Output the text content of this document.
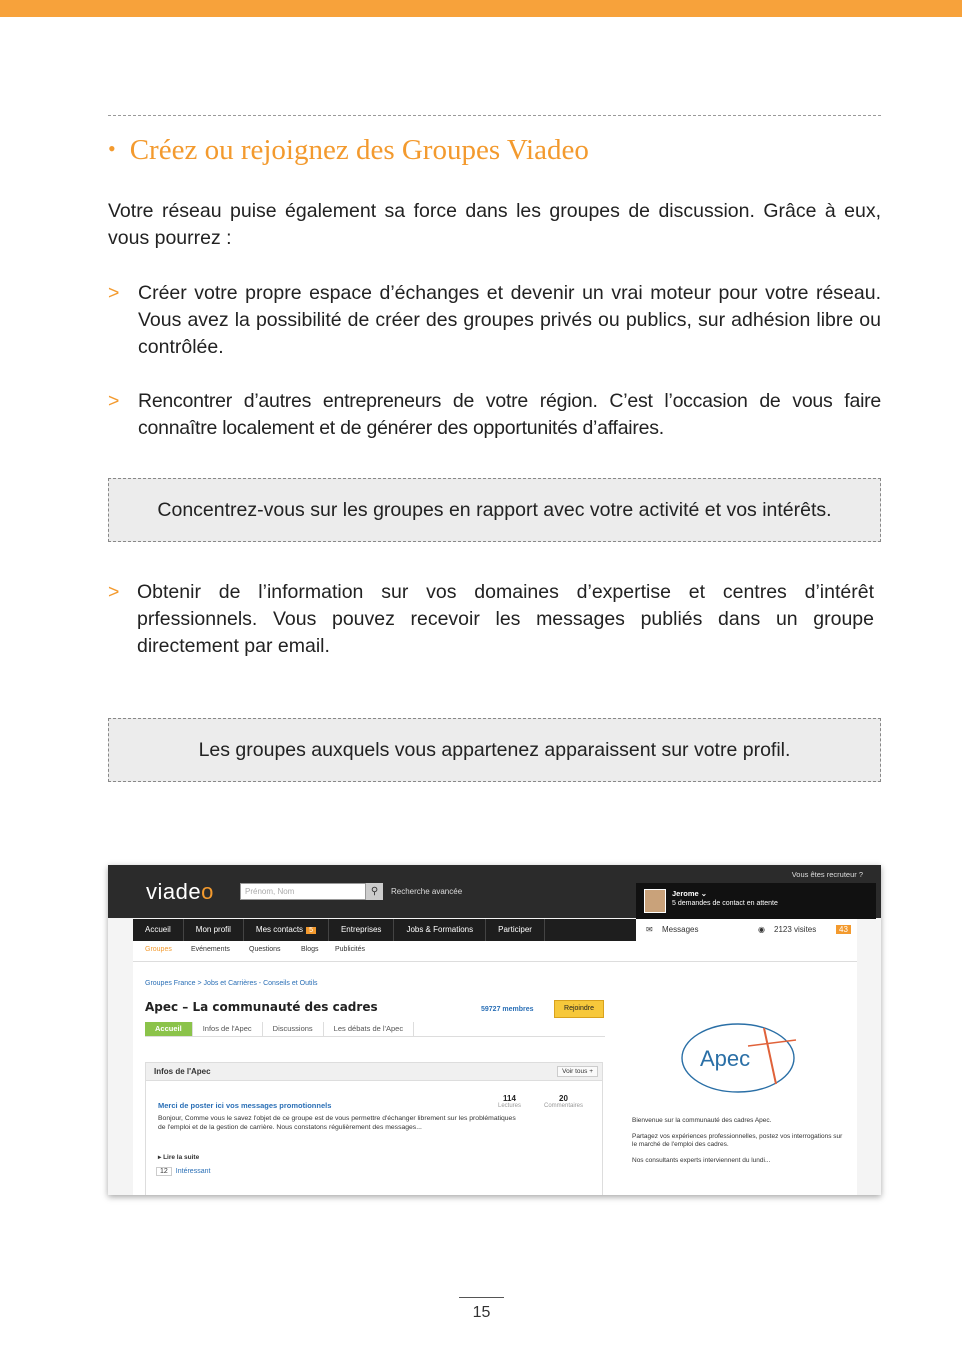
• Créez ou rejoignez des Groupes Viadeo
Votre réseau puise également sa force dans les groupes de discussion. Grâce à eux, vous pourrez :
> Créer votre propre espace d’échanges et devenir un vrai moteur pour votre réseau. Vous avez la possibilité de créer des groupes privés ou publics, sur adhésion libre ou contrôlée.
> Rencontrer d’autres entrepreneurs de votre région. C’est l’occasion de vous faire connaître localement et de générer des opportunités d’affaires.
Concentrez-vous sur les groupes en rapport avec votre activité et vos intérêts.
> Obtenir de l’information sur vos domaines d’expertise et centres d’intérêt prfessionnels. Vous pouvez recevoir les messages publiés dans un groupe directement par email.
Les groupes auxquels vous appartenez apparaissent sur votre profil.
viadeo	Prénom, Nom	⚲	Recherche avancée
Vous êtes recruteur ?
Jerome ⌄
5 demandes de contact en attente
Accueil	Mon profil	Mes contacts 5	Entreprises	Jobs & Formations	Participer	✉ Messages	◉ 2123 visites	43
Groupes	Evénements	Questions	Blogs Publicités
Groupes France > Jobs et Carrières - Conseils et Outils
Apec – La communauté des cadres	59727 membres	Rejoindre
Accueil	Infos de l'Apec	Discussions	Les débats de l'Apec
Infos de l'Apec	Voir tous +
Merci de poster ici vos messages promotionnels
114
Lectures
20
Commentaires
Bonjour, Comme vous le savez l'objet de ce groupe est de vous permettre d'échanger librement sur les problématiques de l'emploi et de la gestion de carrière. Nous constatons régulièrement des messages...
▸ Lire la suite
12 Intéressant
Apec

Bienvenue sur la communauté des cadres Apec.

Partagez vos expériences professionnelles, postez vos interrogations sur le marché de l'emploi des cadres.

Nos consultants experts interviennent du lundi...

15
